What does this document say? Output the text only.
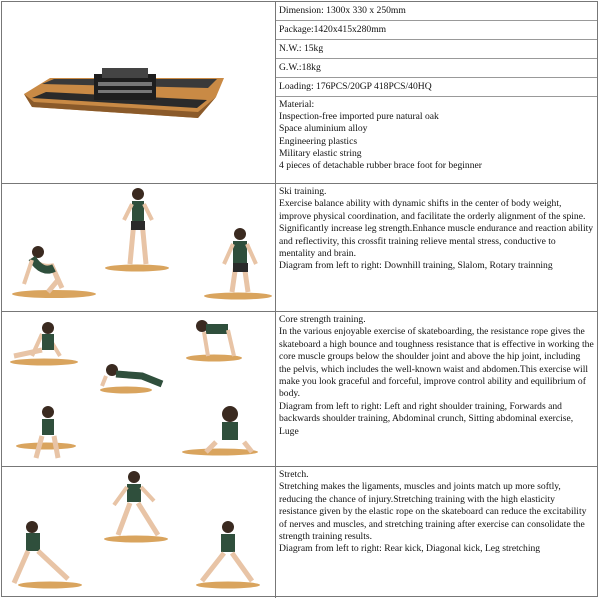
Dimension: 1300x 330 x 250mm
Package:1420x415x280mm
N.W.: 15kg
G.W.:18kg
Loading: 176PCS/20GP 418PCS/40HQ
Material:
Inspection-free imported pure natural oak
Space aluminium alloy
Engineering plastics
Military elastic string
4 pieces of detachable rubber brace foot for beginner

Ski training.

Exercise balance ability with dynamic shifts in the center of body weight, improve physical coordination, and facilitate the orderly alignment of the spine.

Significantly increase leg strength.Enhance muscle endurance and reaction ability and reflectivity, this crossfit training relieve mental stress, conductive to mentality and brain.

Diagram from left to right: Downhill training, Slalom, Rotary trainning

Core strength training.

In the various enjoyable exercise of skateboarding, the resistance rope gives the skateboard a high bounce and toughness resistance that is effective in working the core muscle groups below the shoulder joint and above the hip joint, including the pelvis, which includes the well-known waist and abdomen.This exercise will make you look graceful and forceful, improve control ability and equilibrium of body.

Diagram from left to right: Left and right shoulder training, Forwards and backwards shoulder training, Abdominal crunch, Sitting abdominal exercise, Luge

Stretch.

Stretching makes the ligaments, muscles and joints match up more softly, reducing the chance of injury.Stretching training with the high elasticity resistance given by the elastic rope on the skateboard can reduce the excitability of nerves and muscles, and stretching training after exercise can consolidate the strength training results.

Diagram from left to right: Rear kick, Diagonal kick, Leg stretching
